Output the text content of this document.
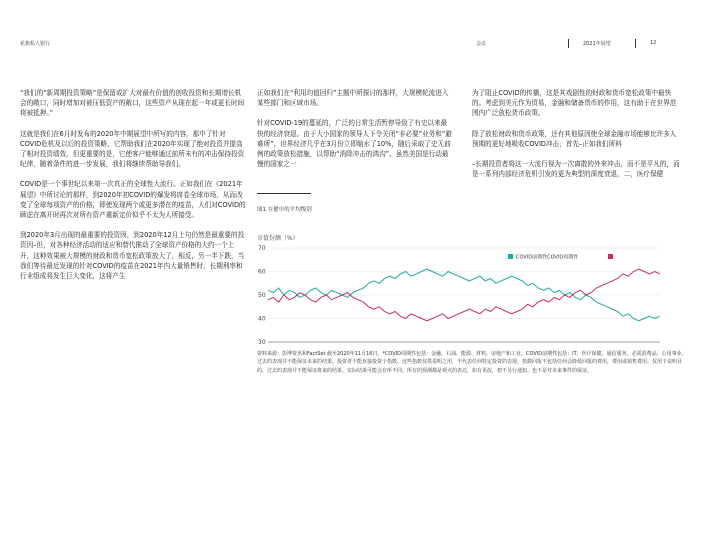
花旗私人银行	会议	2021年展望	12

“我们的“新周期投资策略”是保留或扩大对最有价值的创收投资和长期增长机会的敞口，同时增加对被压低资产的敞口，这些资产从现在起一年或更长时间将被抵押。”

这就是我们在6月时发布的2020年中期展望中所写的内容，那中了针对COVID危机及以后的投资策略，它帮助我们在2020年实现了绝对投资并提高了相对投资绩效，但更重要的是，它使客户能够通过前所未有的冲击保持投资纪律，随着条件的进一步发展，我们将继续帮助导我们。

COVID是一个事世纪以来第一次真正的全球性大流行。正如我们在《2021年展望》中所讨论的那样，到2020年初COVID的爆发将席卷全球市场，从而改变了全球每项资产的价格，即使发现两个或更多潜在的疫苗，人们对COVID的顾虑在离开时再次对所有资产重新定价似乎不太为人所接受。

到2020年3月出现的最重要的投资因，到2020年12月上句仍然是最重要的投资因–但，对各种经济活动的适应和替代推动了全球资产价格的大约一个上升，这种效果被大规模的财政和货币宽松政策放大了，相反，另一半下跌，当我们等待最近发现的针对COVID的疫苗在2021年内大量销售时，长期利率和行业组成将发生巨大变化，这将产生

正如我们在“利用均值回归”主题中所探讨的那样，大规模轮流进入某些部门和区域市场。

针对COVID-19的蔓延的，广泛的日常生活暂停导致了有史以来最快的经济衰退。由于大小国家的领导人下令关闭“非必要”业务和“避难所”，世界经济几乎在3月份立即缩水了10%，随后采取了史无前例的政策放松措施，以帮助“消除冲击的鸿沟”。虽然美国是行动最慢的国家之一

图1.在健中的平均级别

为了阻止COVID的传播，这是其戏剧性的财政和货币宽松政策中最快的。考虑到美元作为贸易，金融和储备货币的作用，这有助于在世界范围内广泛放松货币政策。

除了放松财政和货币政策，还有其他原因使全球金融市场能够比许多人预期的更好地吸收COVID冲击，首先–正如我们所料

–长期投资者将这一大流行视为一次离散的外来冲击，而不是平凡的，而是一系列内部经济危机引发的更为典型的深度衰退，二，医疗保健

市值份额（%）
30
40
50
60
70
COVID前期性COVID周期性
资料来源：彭博资讯和FactSet 截至2020年11月16日。*COVID周期性包括：金融、石油、能源、材料、房地产和工业。COVID前期性包括：IT、医疗保健、通信服务、必需消费品、公用事业。过去的表现并不能保证未来的结果。投资者不能直接投资于指数。这些指数仅供说明之用，不代表任何特定投资的表现。指数回报不包括任何会降低回报的费用，费用或销售费用。仅用于说明目的，过去的表现并不能保证将来的结果。实际结果可能会有所不同。所有的预测都是观点的表达，如有更改，恕不另行通知。也不是对未来事件的保证。
